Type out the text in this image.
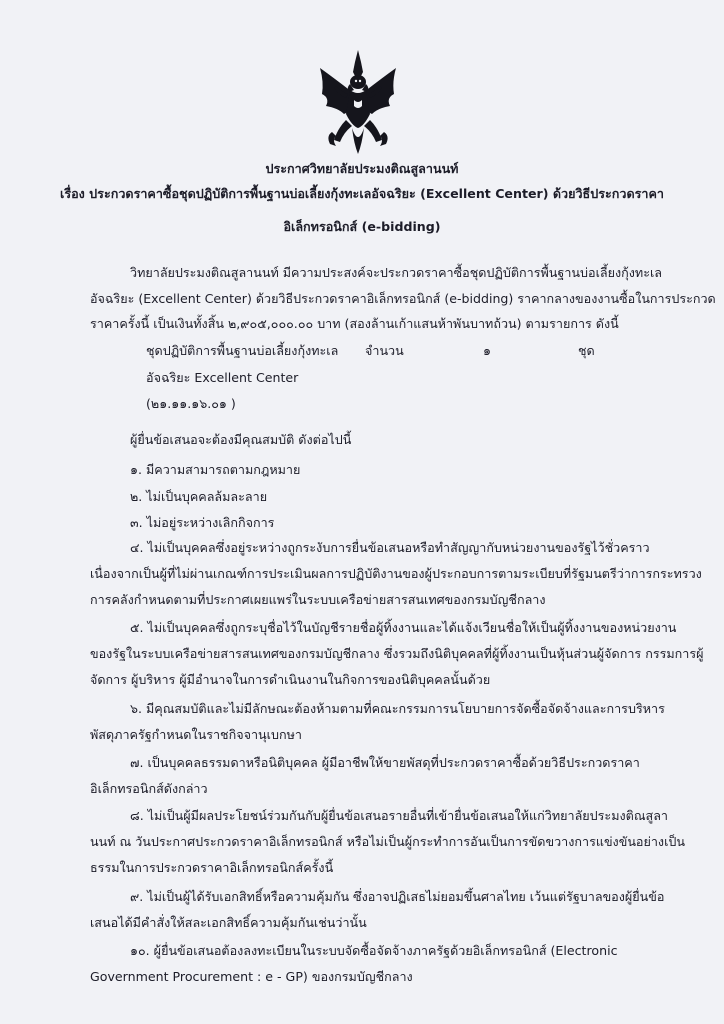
ประกาศวิทยาลัยประมงติณสูลานนท์
เรื่อง ประกวดราคาซื้อชุดปฏิบัติการพื้นฐานบ่อเลี้ยงกุ้งทะเลอัจฉริยะ (Excellent Center) ด้วยวิธีประกวดราคา
อิเล็กทรอนิกส์ (e-bidding)
วิทยาลัยประมงติณสูลานนท์ มีความประสงค์จะประกวดราคาซื้อชุดปฏิบัติการพื้นฐานบ่อเลี้ยงกุ้งทะเล
อัจฉริยะ (Excellent Center) ด้วยวิธีประกวดราคาอิเล็กทรอนิกส์ (e-bidding) ราคากลางของงานซื้อในการประกวด
ราคาครั้งนี้ เป็นเงินทั้งสิ้น ๒,๙๐๕,๐๐๐.๐๐ บาท (สองล้านเก้าแสนห้าพันบาทถ้วน) ตามรายการ ดังนี้
ชุดปฏิบัติการพื้นฐานบ่อเลี้ยงกุ้งทะเล จำนวน	๑	ชุด
อัจฉริยะ Excellent Center
(๒๑.๑๑.๑๖.๐๑ )
ผู้ยื่นข้อเสนอจะต้องมีคุณสมบัติ ดังต่อไปนี้
๑. มีความสามารถตามกฎหมาย
๒. ไม่เป็นบุคคลล้มละลาย
๓. ไม่อยู่ระหว่างเลิกกิจการ
๔. ไม่เป็นบุคคลซึ่งอยู่ระหว่างถูกระงับการยื่นข้อเสนอหรือทำสัญญากับหน่วยงานของรัฐไว้ชั่วคราว
เนื่องจากเป็นผู้ที่ไม่ผ่านเกณฑ์การประเมินผลการปฏิบัติงานของผู้ประกอบการตามระเบียบที่รัฐมนตรีว่าการกระทรวง
การคลังกำหนดตามที่ประกาศเผยแพร่ในระบบเครือข่ายสารสนเทศของกรมบัญชีกลาง
๕. ไม่เป็นบุคคลซึ่งถูกระบุชื่อไว้ในบัญชีรายชื่อผู้ทิ้งงานและได้แจ้งเวียนชื่อให้เป็นผู้ทิ้งงานของหน่วยงาน
ของรัฐในระบบเครือข่ายสารสนเทศของกรมบัญชีกลาง ซึ่งรวมถึงนิติบุคคลที่ผู้ทิ้งงานเป็นหุ้นส่วนผู้จัดการ กรรมการผู้
จัดการ ผู้บริหาร ผู้มีอำนาจในการดำเนินงานในกิจการของนิติบุคคลนั้นด้วย
๖. มีคุณสมบัติและไม่มีลักษณะต้องห้ามตามที่คณะกรรมการนโยบายการจัดซื้อจัดจ้างและการบริหาร
พัสดุภาครัฐกำหนดในราชกิจจานุเบกษา
๗. เป็นบุคคลธรรมดาหรือนิติบุคคล ผู้มีอาชีพให้ขายพัสดุที่ประกวดราคาซื้อด้วยวิธีประกวดราคา
อิเล็กทรอนิกส์ดังกล่าว
๘. ไม่เป็นผู้มีผลประโยชน์ร่วมกันกับผู้ยื่นข้อเสนอรายอื่นที่เข้ายื่นข้อเสนอให้แก่วิทยาลัยประมงติณสูลา
นนท์ ณ วันประกาศประกวดราคาอิเล็กทรอนิกส์ หรือไม่เป็นผู้กระทำการอันเป็นการขัดขวางการแข่งขันอย่างเป็น
ธรรมในการประกวดราคาอิเล็กทรอนิกส์ครั้งนี้
๙. ไม่เป็นผู้ได้รับเอกสิทธิ์หรือความคุ้มกัน ซึ่งอาจปฏิเสธไม่ยอมขึ้นศาลไทย เว้นแต่รัฐบาลของผู้ยื่นข้อ
เสนอได้มีคำสั่งให้สละเอกสิทธิ์ความคุ้มกันเช่นว่านั้น
๑๐. ผู้ยื่นข้อเสนอต้องลงทะเบียนในระบบจัดซื้อจัดจ้างภาครัฐด้วยอิเล็กทรอนิกส์ (Electronic
Government Procurement : e - GP) ของกรมบัญชีกลาง
